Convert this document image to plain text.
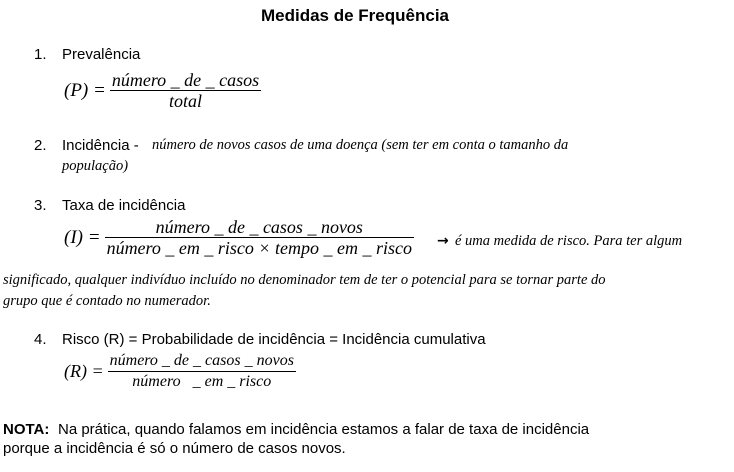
Medidas de Frequência
1. Prevalência
$(P) = \frac{\text{número \_ de \_ casos}}{\text{total}}$
2. Incidência - número de novos casos de uma doença (sem ter em conta o tamanho da
população)
3. Taxa de incidência
$(I) = \frac{\text{número \_ de \_ casos \_ novos}}{\text{número \_ em \_ risco × tempo \_ em \_ risco}}$ → é uma medida de risco. Para ter algum
significado, qualquer indivíduo incluído no denominador tem de ter o potencial para se tornar parte do
grupo que é contado no numerador.
4. Risco (R) = Probabilidade de incidência = Incidência cumulativa
$(R) = \frac{\text{número \_ de \_ casos \_ novos}}{\text{número   \_ em \_ risco}}$
NOTA: Na prática, quando falamos em incidência estamos a falar de taxa de incidência
porque a incidência é só o número de casos novos.
